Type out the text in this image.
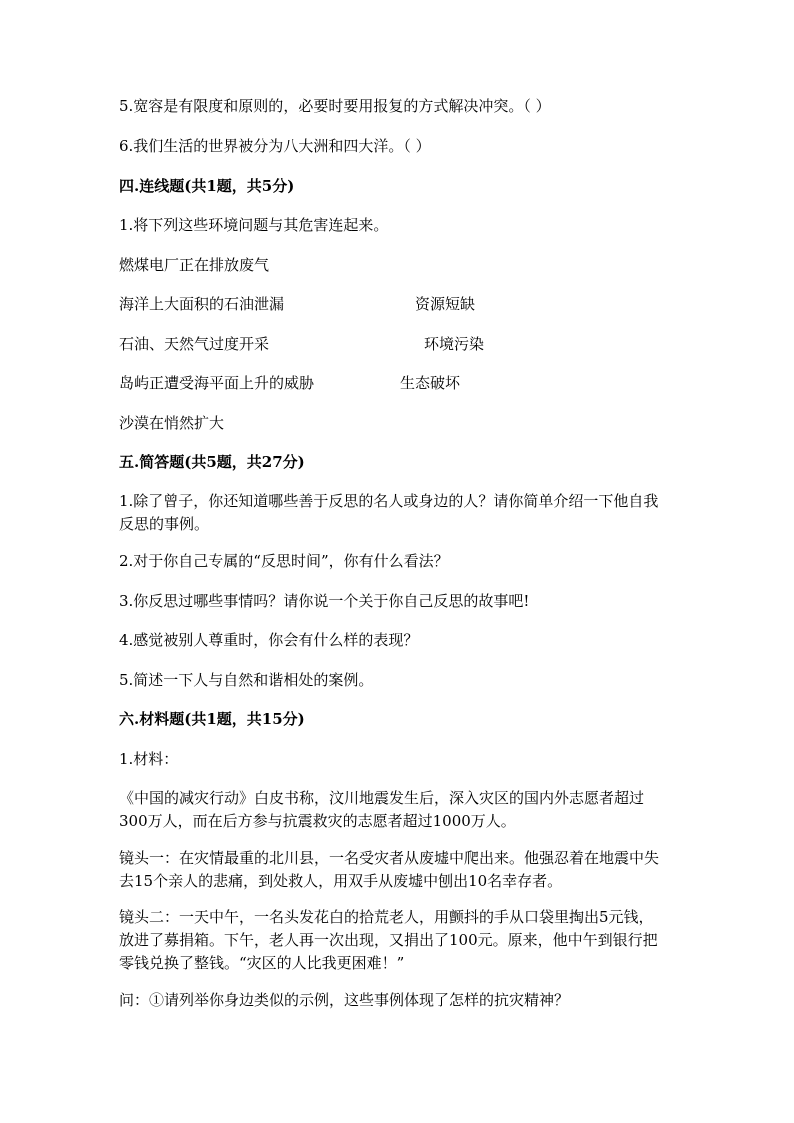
5.宽容是有限度和原则的，必要时要用报复的方式解决冲突。（ ）
6.我们生活的世界被分为八大洲和四大洋。（ ）
四.连线题(共1题，共5分)
1.将下列这些环境问题与其危害连起来。
燃煤电厂正在排放废气
海洋上大面积的石油泄漏	资源短缺
石油、天然气过度开采	环境污染
岛屿正遭受海平面上升的威胁	生态破坏
沙漠在悄然扩大
五.简答题(共5题，共27分)
1.除了曾子，你还知道哪些善于反思的名人或身边的人？请你简单介绍一下他自我反思的事例。
2.对于你自己专属的“反思时间”，你有什么看法？
3.你反思过哪些事情吗？请你说一个关于你自己反思的故事吧!
4.感觉被别人尊重时，你会有什么样的表现？
5.简述一下人与自然和谐相处的案例。
六.材料题(共1题，共15分)
1.材料：
《中国的减灾行动》白皮书称，汶川地震发生后，深入灾区的国内外志愿者超过300万人，而在后方参与抗震救灾的志愿者超过1000万人。
镜头一：在灾情最重的北川县，一名受灾者从废墟中爬出来。他强忍着在地震中失去15个亲人的悲痛，到处救人，用双手从废墟中刨出10名幸存者。
镜头二：一天中午，一名头发花白的拾荒老人，用颤抖的手从口袋里掏出5元钱，放进了募捐箱。下午，老人再一次出现，又捐出了100元。原来，他中午到银行把零钱兑换了整钱。“灾区的人比我更困难！”
问：①请列举你身边类似的示例，这些事例体现了怎样的抗灾精神？
